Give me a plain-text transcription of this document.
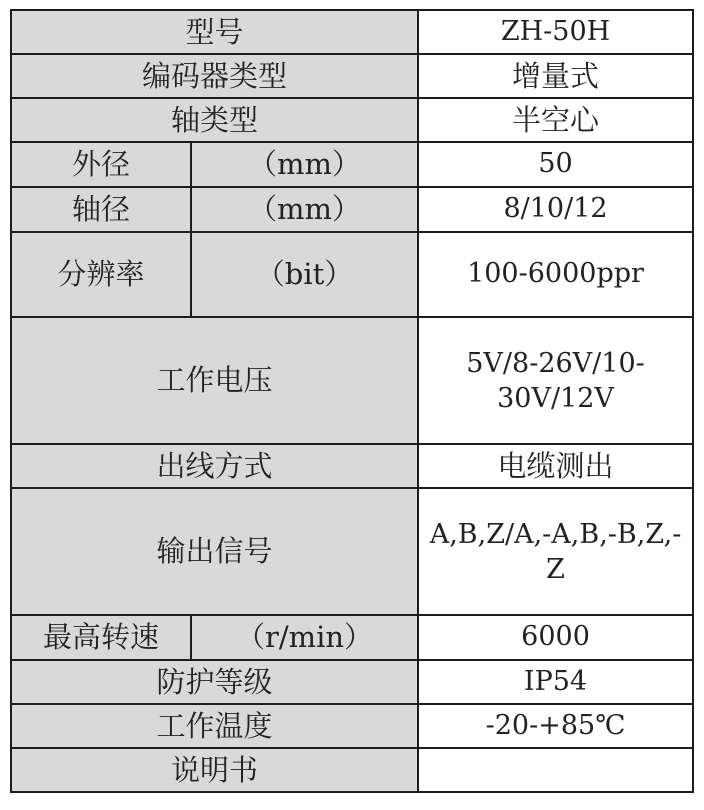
型号		ZH-50H
编码器类型		增量式
轴类型		半空心
外径	（mm）	50
轴径	（mm）	8/10/12
分辨率	（bit）	100-6000ppr
工作电压		5V/8-26V/10-30V/12V

出线方式		电缆测出
输出信号		A,B,Z/A,-A,B,-B,Z,-Z

最高转速	（r/min）	6000
防护等级		IP54
工作温度		-20-+85℃
说明书		
